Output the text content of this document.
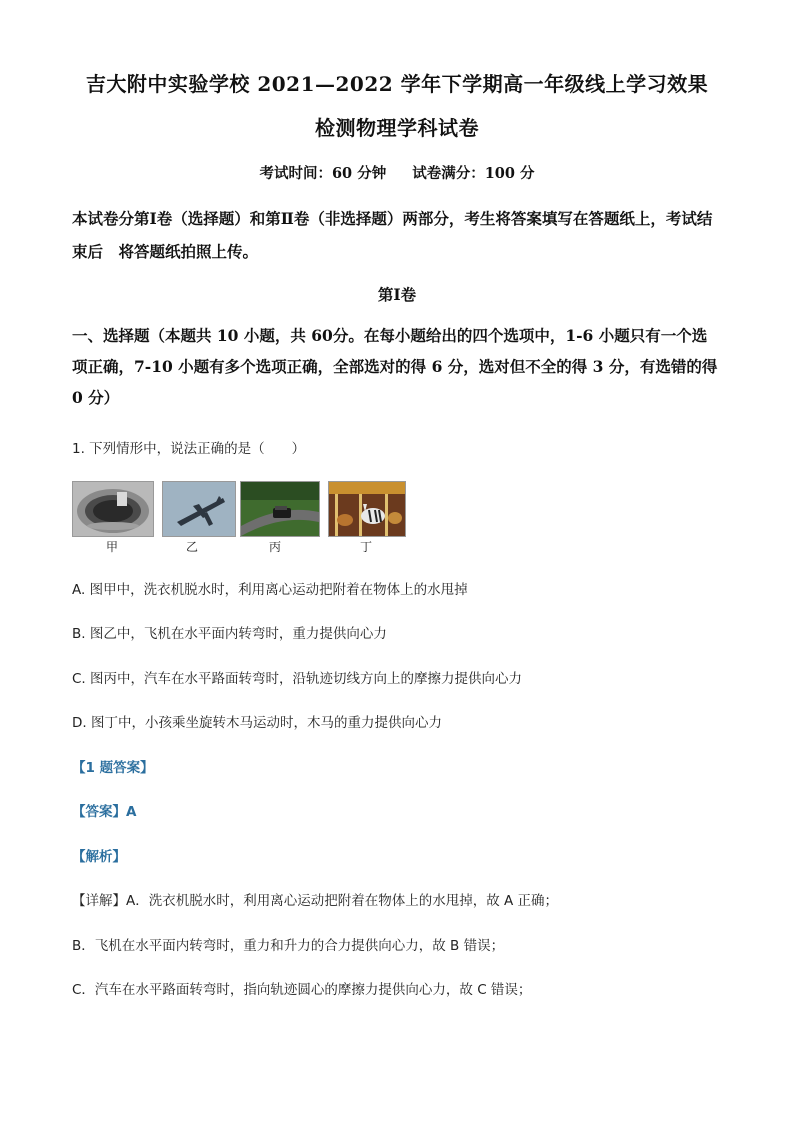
吉大附中实验学校 2021—2022 学年下学期高一年级线上学习效果
检测物理学科试卷
考试时间：60 分钟 试卷满分：100 分
本试卷分第Ⅰ卷（选择题）和第Ⅱ卷（非选择题）两部分，考生将答案填写在答题纸上，考试结束后　将答题纸拍照上传。
第Ⅰ卷
一、选择题（本题共 10 小题，共 60分。在每小题给出的四个选项中，1-6 小题只有一个选项正确，7-10 小题有多个选项正确，全部选对的得 6 分，选对但不全的得 3 分，有选错的得 0 分）
1. 下列情形中，说法正确的是（　　）
甲	乙	丙	丁
A. 图甲中，洗衣机脱水时，利用离心运动把附着在物体上的水甩掉
B. 图乙中，飞机在水平面内转弯时，重力提供向心力
C. 图丙中，汽车在水平路面转弯时，沿轨迹切线方向上的摩擦力提供向心力
D. 图丁中，小孩乘坐旋转木马运动时，木马的重力提供向心力
【1 题答案】
【答案】A
【解析】
【详解】A．洗衣机脱水时，利用离心运动把附着在物体上的水甩掉，故 A 正确；
B．飞机在水平面内转弯时，重力和升力的合力提供向心力，故 B 错误；
C．汽车在水平路面转弯时，指向轨迹圆心的摩擦力提供向心力，故 C 错误；
